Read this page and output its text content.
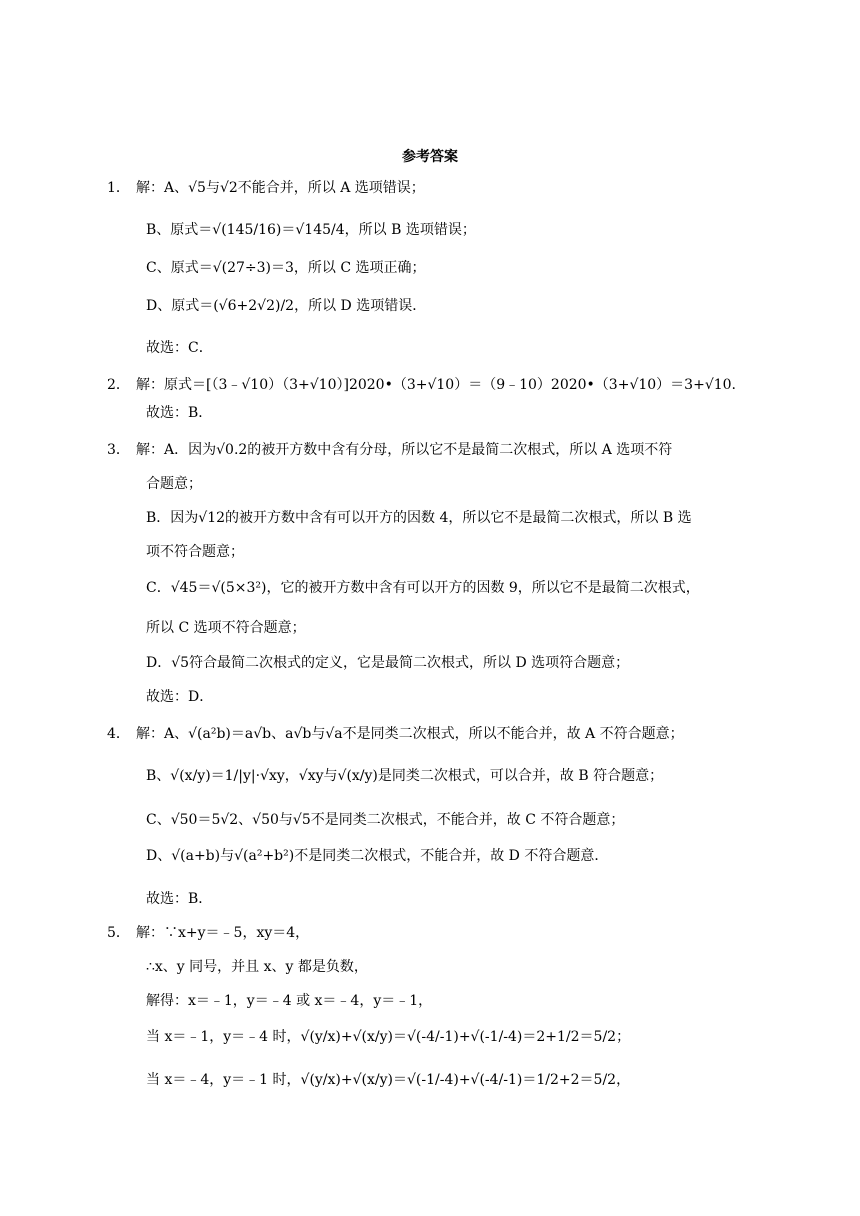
参考答案
1． 解：A、√5与√2不能合并，所以 A 选项错误；
B、原式＝√(145/16)＝√145/4，所以 B 选项错误；
C、原式＝√(27÷3)＝3，所以 C 选项正确；
D、原式＝(√6+2√2)/2，所以 D 选项错误．
故选：C．
2． 解：原式＝[（3﹣√10）（3+√10）]2020•（3+√10）＝（9﹣10）2020•（3+√10）＝3+√10.
故选：B．
3． 解：A．因为√0.2的被开方数中含有分母，所以它不是最简二次根式，所以 A 选项不符
合题意；
B．因为√12的被开方数中含有可以开方的因数 4，所以它不是最简二次根式，所以 B 选
项不符合题意；
C．√45＝√(5×3²)，它的被开方数中含有可以开方的因数 9，所以它不是最简二次根式，
所以 C 选项不符合题意；
D．√5符合最简二次根式的定义，它是最简二次根式，所以 D 选项符合题意；
故选：D．
4． 解：A、√(a²b)＝a√b、a√b与√a不是同类二次根式，所以不能合并，故 A 不符合题意；
B、√(x/y)＝1/|y|·√xy，√xy与√(x/y)是同类二次根式，可以合并，故 B 符合题意；
C、√50＝5√2、√50与√5不是同类二次根式，不能合并，故 C 不符合题意；
D、√(a+b)与√(a²+b²)不是同类二次根式，不能合并，故 D 不符合题意．
故选：B．
5． 解：∵x+y＝﹣5，xy＝4，
∴x、y 同号，并且 x、y 都是负数，
解得：x＝﹣1，y＝﹣4 或 x＝﹣4，y＝﹣1，
当 x＝﹣1，y＝﹣4 时，√(y/x)+√(x/y)＝√(-4/-1)+√(-1/-4)＝2+1/2＝5/2；
当 x＝﹣4，y＝﹣1 时，√(y/x)+√(x/y)＝√(-1/-4)+√(-4/-1)＝1/2+2＝5/2，
